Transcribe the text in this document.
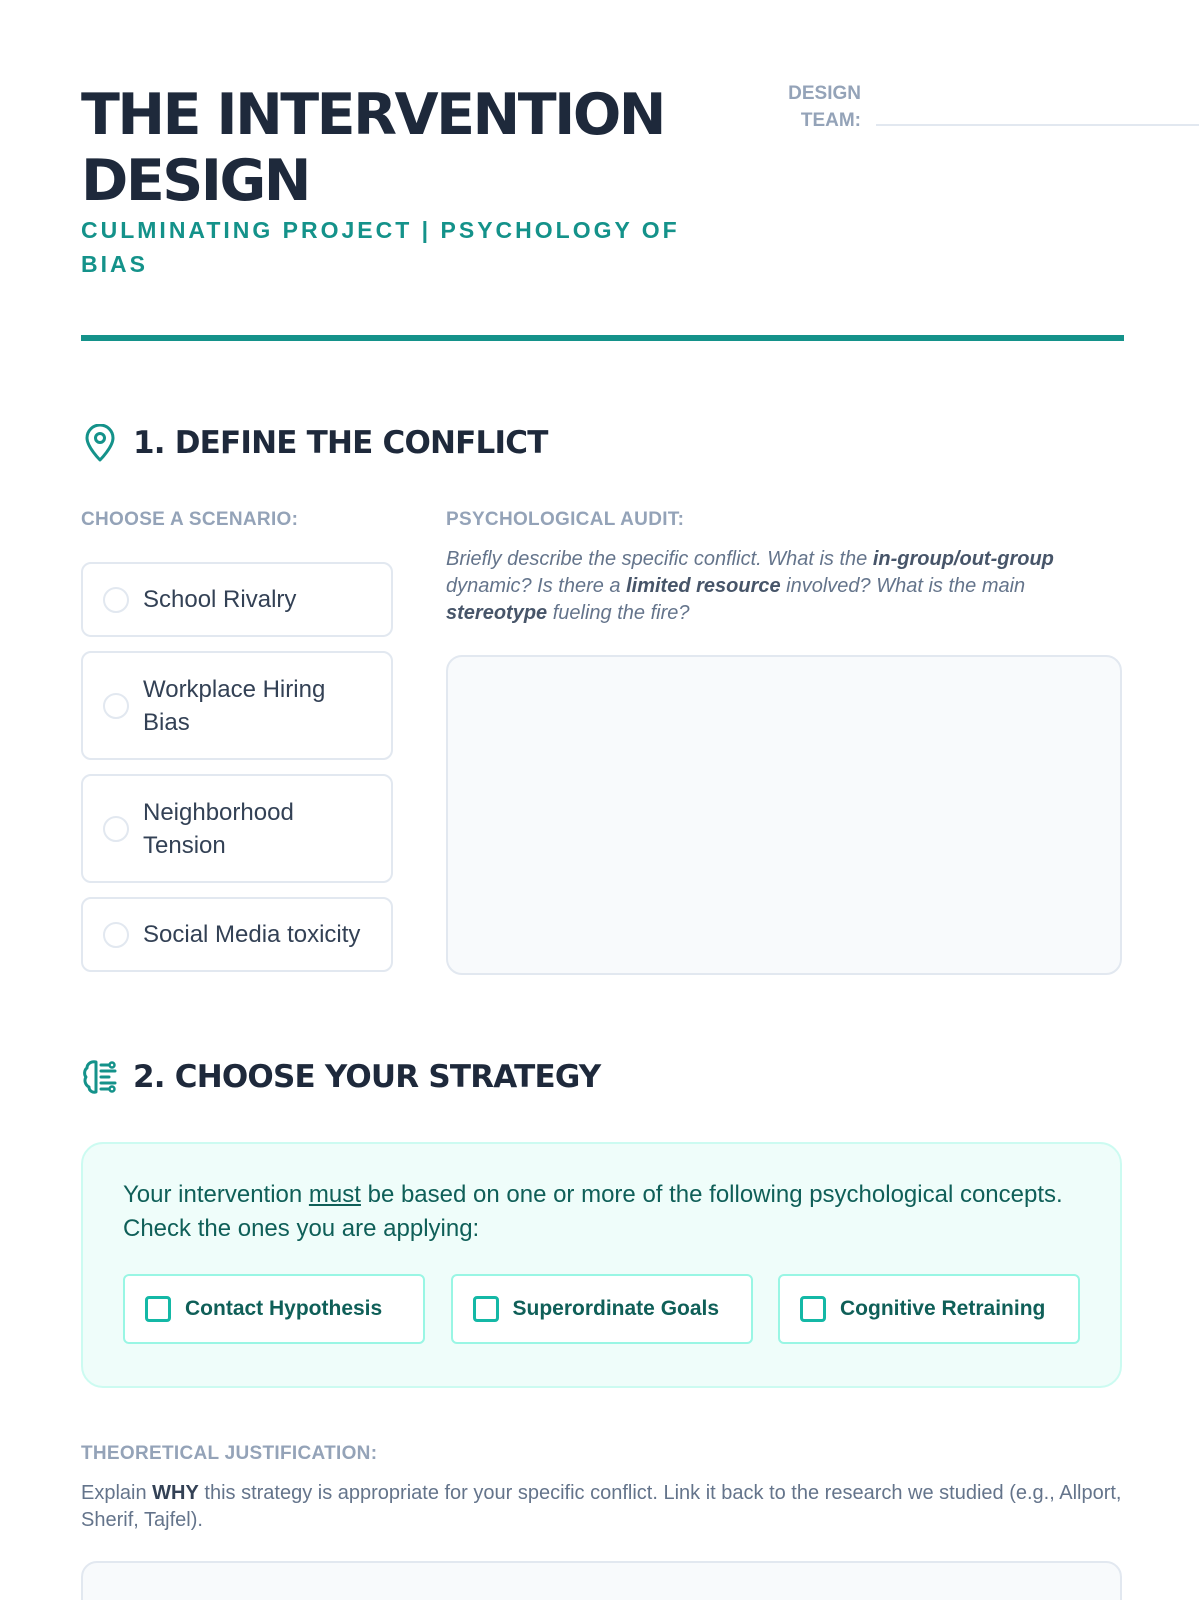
THE INTERVENTION DESIGN
CULMINATING PROJECT | PSYCHOLOGY OF BIAS
DESIGN TEAM:
1. DEFINE THE CONFLICT
CHOOSE A SCENARIO:
School Rivalry
Workplace Hiring Bias
Neighborhood Tension
Social Media toxicity
PSYCHOLOGICAL AUDIT:
Briefly describe the specific conflict. What is the in-group/out-group dynamic? Is there a limited resource involved? What is the main stereotype fueling the fire?
2. CHOOSE YOUR STRATEGY

Your intervention must be based on one or more of the following psychological concepts. Check the ones you are applying:

Contact Hypothesis	Superordinate Goals	Cognitive Retraining
THEORETICAL JUSTIFICATION:
Explain WHY this strategy is appropriate for your specific conflict. Link it back to the research we studied (e.g., Allport, Sherif, Tajfel).
